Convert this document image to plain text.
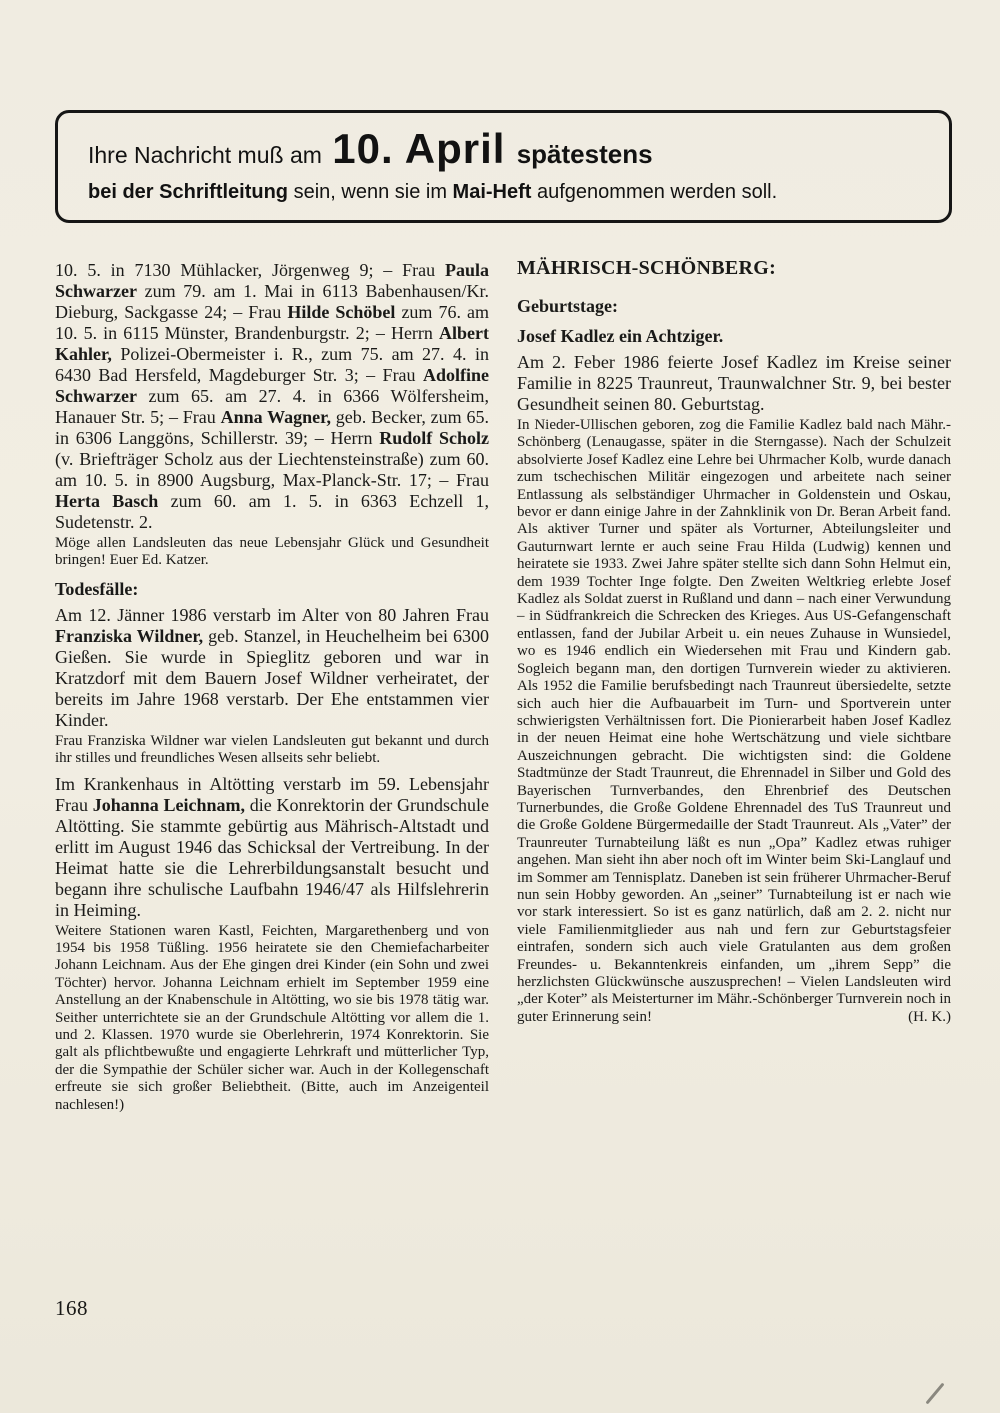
Ihre Nachricht muß am 10. April spätestens
bei der Schriftleitung sein, wenn sie im Mai-Heft aufgenommen werden soll.
10. 5. in 7130 Mühlacker, Jörgenweg 9; – Frau Paula Schwarzer zum 79. am 1. Mai in 6113 Babenhausen/Kr. Dieburg, Sackgasse 24; – Frau Hilde Schöbel zum 76. am 10. 5. in 6115 Münster, Brandenburgstr. 2; – Herrn Albert Kahler, Polizei-Obermeister i. R., zum 75. am 27. 4. in 6430 Bad Hersfeld, Magdeburger Str. 3; – Frau Adolfine Schwarzer zum 65. am 27. 4. in 6366 Wölfersheim, Hanauer Str. 5; – Frau Anna Wagner, geb. Becker, zum 65. in 6306 Langgöns, Schillerstr. 39; – Herrn Rudolf Scholz (v. Briefträger Scholz aus der Liechtensteinstraße) zum 60. am 10. 5. in 8900 Augsburg, Max-Planck-Str. 17; – Frau Herta Basch zum 60. am 1. 5. in 6363 Echzell 1, Sudetenstr. 2.
Möge allen Landsleuten das neue Lebensjahr Glück und Gesundheit bringen! Euer Ed. Katzer.
Todesfälle:
Am 12. Jänner 1986 verstarb im Alter von 80 Jahren Frau Franziska Wildner, geb. Stanzel, in Heuchelheim bei 6300 Gießen. Sie wurde in Spieglitz geboren und war in Kratzdorf mit dem Bauern Josef Wildner verheiratet, der bereits im Jahre 1968 verstarb. Der Ehe entstammen vier Kinder.
Frau Franziska Wildner war vielen Landsleuten gut bekannt und durch ihr stilles und freundliches Wesen allseits sehr beliebt.
Im Krankenhaus in Altötting verstarb im 59. Lebensjahr Frau Johanna Leichnam, die Konrektorin der Grundschule Altötting. Sie stammte gebürtig aus Mährisch-Altstadt und erlitt im August 1946 das Schicksal der Vertreibung. In der Heimat hatte sie die Lehrerbildungsanstalt besucht und begann ihre schulische Laufbahn 1946/47 als Hilfslehrerin in Heiming.
Weitere Stationen waren Kastl, Feichten, Margarethenberg und von 1954 bis 1958 Tüßling. 1956 heiratete sie den Chemiefacharbeiter Johann Leichnam. Aus der Ehe gingen drei Kinder (ein Sohn und zwei Töchter) hervor. Johanna Leichnam erhielt im September 1959 eine Anstellung an der Knabenschule in Altötting, wo sie bis 1978 tätig war. Seither unterrichtete sie an der Grundschule Altötting vor allem die 1. und 2. Klassen. 1970 wurde sie Oberlehrerin, 1974 Konrektorin. Sie galt als pflichtbewußte und engagierte Lehrkraft und mütterlicher Typ, der die Sympathie der Schüler sicher war. Auch in der Kollegenschaft erfreute sie sich großer Beliebtheit. (Bitte, auch im Anzeigenteil nachlesen!)
MÄHRISCH-SCHÖNBERG:
Geburtstage:
Josef Kadlez ein Achtziger.
Am 2. Feber 1986 feierte Josef Kadlez im Kreise seiner Familie in 8225 Traunreut, Traunwalchner Str. 9, bei bester Gesundheit seinen 80. Geburtstag.
In Nieder-Ullischen geboren, zog die Familie Kadlez bald nach Mähr.-Schönberg (Lenaugasse, später in die Sterngasse). Nach der Schulzeit absolvierte Josef Kadlez eine Lehre bei Uhrmacher Kolb, wurde danach zum tschechischen Militär eingezogen und arbeitete nach seiner Entlassung als selbständiger Uhrmacher in Goldenstein und Oskau, bevor er dann einige Jahre in der Zahnklinik von Dr. Beran Arbeit fand. Als aktiver Turner und später als Vorturner, Abteilungsleiter und Gauturnwart lernte er auch seine Frau Hilda (Ludwig) kennen und heiratete sie 1933. Zwei Jahre später stellte sich dann Sohn Helmut ein, dem 1939 Tochter Inge folgte. Den Zweiten Weltkrieg erlebte Josef Kadlez als Soldat zuerst in Rußland und dann – nach einer Verwundung – in Südfrankreich die Schrecken des Krieges. Aus US-Gefangenschaft entlassen, fand der Jubilar Arbeit u. ein neues Zuhause in Wunsiedel, wo es 1946 endlich ein Wiedersehen mit Frau und Kindern gab. Sogleich begann man, den dortigen Turnverein wieder zu aktivieren. Als 1952 die Familie berufsbedingt nach Traunreut übersiedelte, setzte sich auch hier die Aufbauarbeit im Turn- und Sportverein unter schwierigsten Verhältnissen fort. Die Pionierarbeit haben Josef Kadlez in der neuen Heimat eine hohe Wertschätzung und viele sichtbare Auszeichnungen gebracht. Die wichtigsten sind: die Goldene Stadtmünze der Stadt Traunreut, die Ehrennadel in Silber und Gold des Bayerischen Turnverbandes, den Ehrenbrief des Deutschen Turnerbundes, die Große Goldene Ehrennadel des TuS Traunreut und die Große Goldene Bürgermedaille der Stadt Traunreut. Als „Vater” der Traunreuter Turnabteilung läßt es nun „Opa” Kadlez etwas ruhiger angehen. Man sieht ihn aber noch oft im Winter beim Ski-Langlauf und im Sommer am Tennisplatz. Daneben ist sein früherer Uhrmacher-Beruf nun sein Hobby geworden. An „seiner” Turnabteilung ist er nach wie vor stark interessiert. So ist es ganz natürlich, daß am 2. 2. nicht nur viele Familienmitglieder aus nah und fern zur Geburtstagsfeier eintrafen, sondern sich auch viele Gratulanten aus dem großen Freundes- u. Bekanntenkreis einfanden, um „ihrem Sepp” die herzlichsten Glückwünsche auszusprechen! – Vielen Landsleuten wird „der Koter” als Meisterturner im Mähr.-Schönberger Turnverein noch in guter Erinnerung sein!	(H. K.)
168
